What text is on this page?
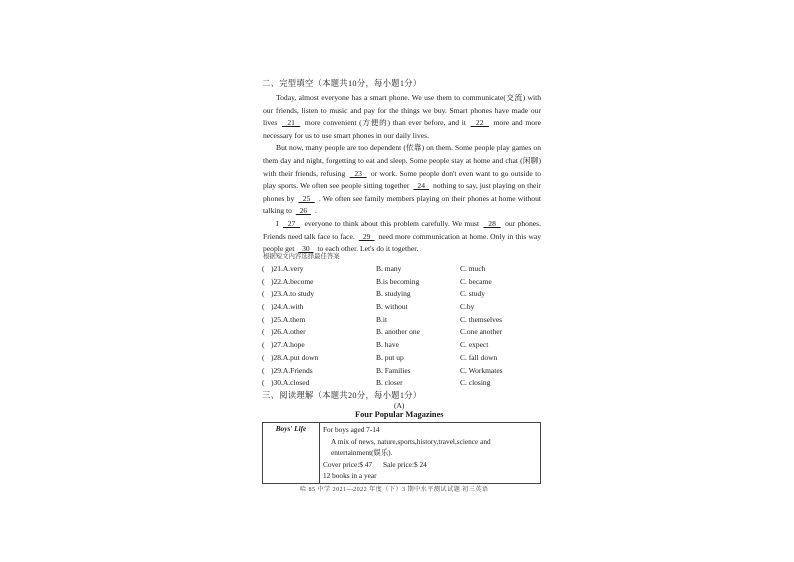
二、完型填空（本题共10分，每小题1分）

Today, almost everyone has a smart phone. We use them to communicate(交流) with our friends, listen to music and pay for the things we buy. Smart phones have made our lives   21   more convenient (方便的) than ever before, and it   22   more and more necessary for us to use smart phones in our daily lives.

But now, many people are too dependent (依靠) on them. Some people play games on them day and night, forgetting to eat and sleep. Some people stay at home and chat (闲聊) with their friends, refusing   23   or work. Some people don't even want to go outside to play sports. We often see people sitting together   24   nothing to say, just playing on their phones by   25   . We often see family members playing on their phones at home without talking to   26   .

I   27   everyone to think about this problem carefully. We must   28   our phones. Friends need talk face to face.   29   need more communication at home. Only in this way people get   30   to each other. Let's do it together.

根据短文内容选择最佳答案
( )21.A.very	B. many	C. much
( )22.A.become	B.is becoming	C. became
( )23.A.to study	B. studying	C. study
( )24.A.with	B. without	C.by
( )25.A.them	B.it	C. themselves
( )26.A.other	B. another one	C.one another
( )27.A.hope	B. have	C. expect
( )28.A.put down	B. put up	C. fall down
( )29.A.Friends	B. Families	C. Workmates
( )30.A.closed	B. closer	C. closing
三、阅读理解（本题共20分，每小题1分）
(A)
Four Popular Magazines
Boys' Life	For boys aged 7-14
A mix of news, nature,sports,history,travel,science and entertainment(娱乐).
Cover price:$ 47 Sale price:$ 24
12 books in a year
哈 85 中学 2021—2022 年度（下）3 期中水平测试试题 初三英语
